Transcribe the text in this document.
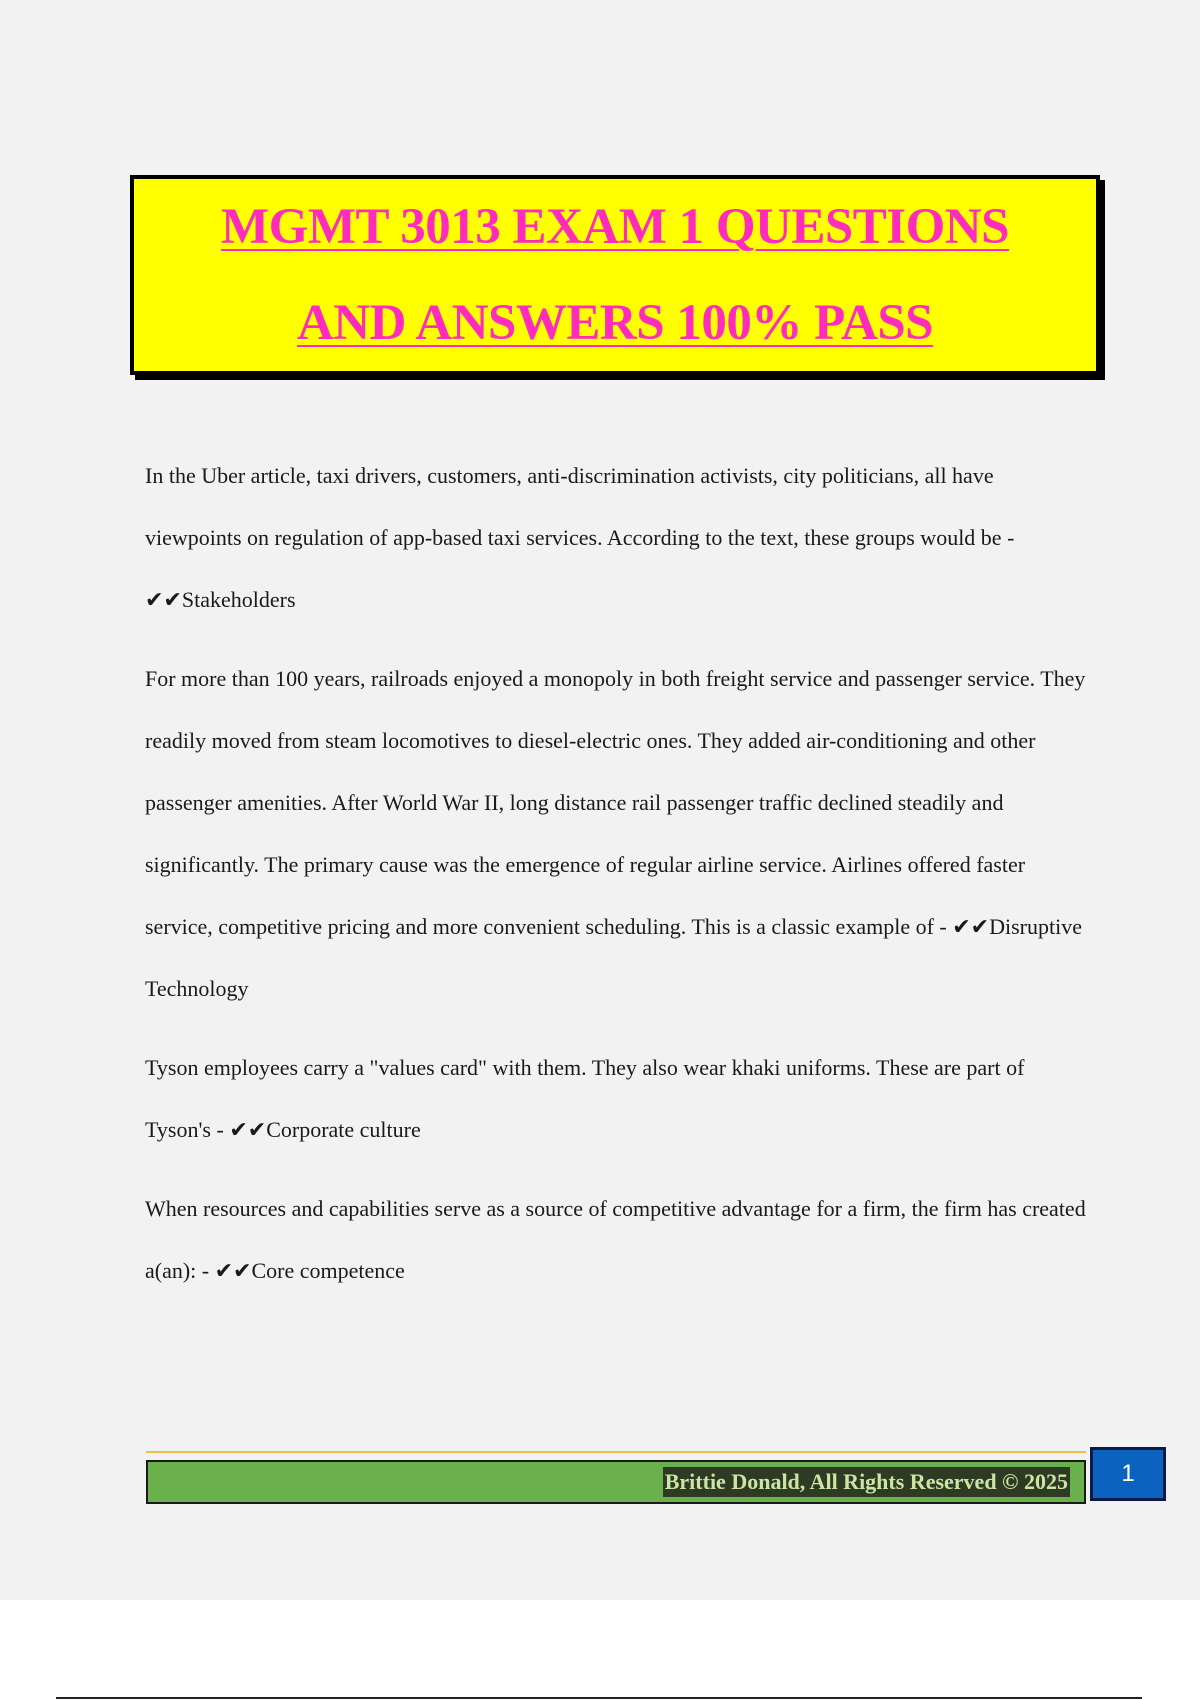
MGMT 3013 EXAM 1 QUESTIONS
AND ANSWERS 100% PASS

In the Uber article, taxi drivers, customers, anti-discrimination activists, city politicians, all have viewpoints on regulation of app-based taxi services. According to the text, these groups would be - ✔✔Stakeholders

For more than 100 years, railroads enjoyed a monopoly in both freight service and passenger service. They readily moved from steam locomotives to diesel-electric ones. They added air-conditioning and other passenger amenities. After World War II, long distance rail passenger traffic declined steadily and significantly. The primary cause was the emergence of regular airline service. Airlines offered faster service, competitive pricing and more convenient scheduling. This is a classic example of - ✔✔Disruptive Technology

Tyson employees carry a "values card" with them. They also wear khaki uniforms. These are part of Tyson's - ✔✔Corporate culture

When resources and capabilities serve as a source of competitive advantage for a firm, the firm has created a(an): - ✔✔Core competence

Brittie Donald, All Rights Reserved © 2025	1
